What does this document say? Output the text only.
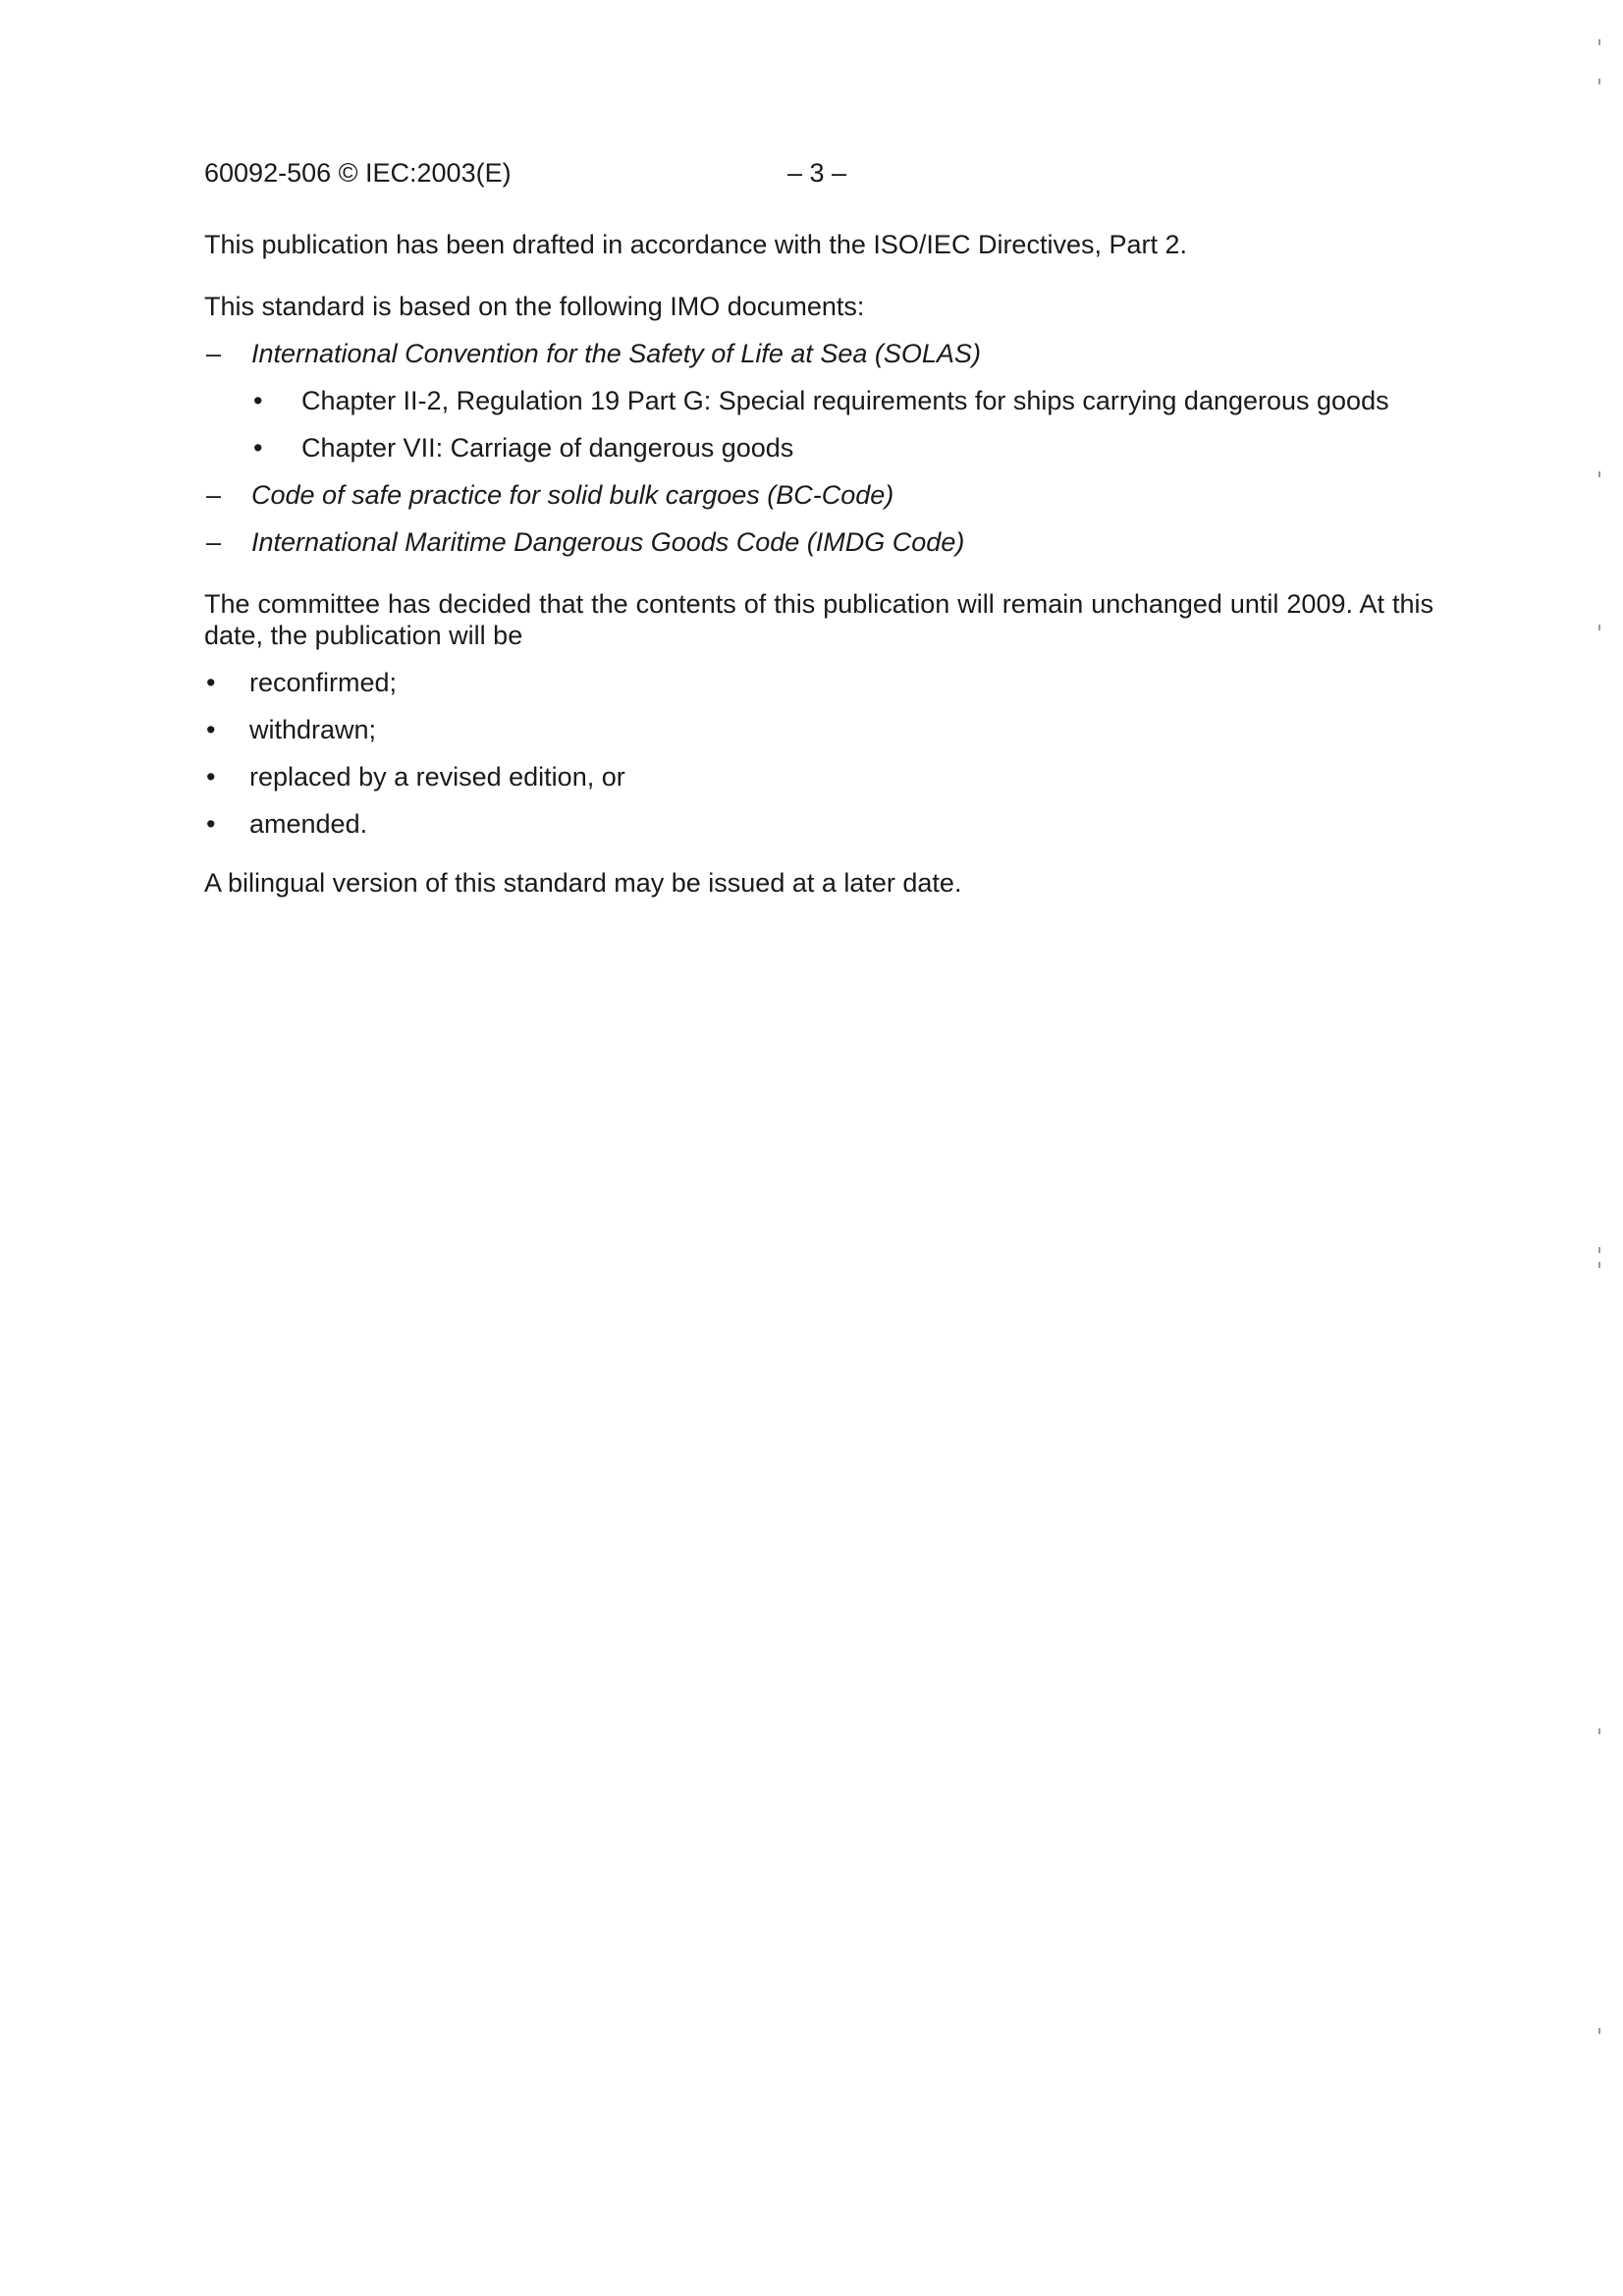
60092-506 © IEC:2003(E)	– 3 –

This publication has been drafted in accordance with the ISO/IEC Directives, Part 2.

This standard is based on the following IMO documents:

–	International Convention for the Safety of Life at Sea (SOLAS)
•	Chapter II-2, Regulation 19 Part G: Special requirements for ships carrying dangerous goods
•	Chapter VII: Carriage of dangerous goods
–	Code of safe practice for solid bulk cargoes (BC-Code)
–	International Maritime Dangerous Goods Code (IMDG Code)

The committee has decided that the contents of this publication will remain unchanged until 2009. At this date, the publication will be

•	reconfirmed;
•	withdrawn;
•	replaced by a revised edition, or
•	amended.

A bilingual version of this standard may be issued at a later date.
